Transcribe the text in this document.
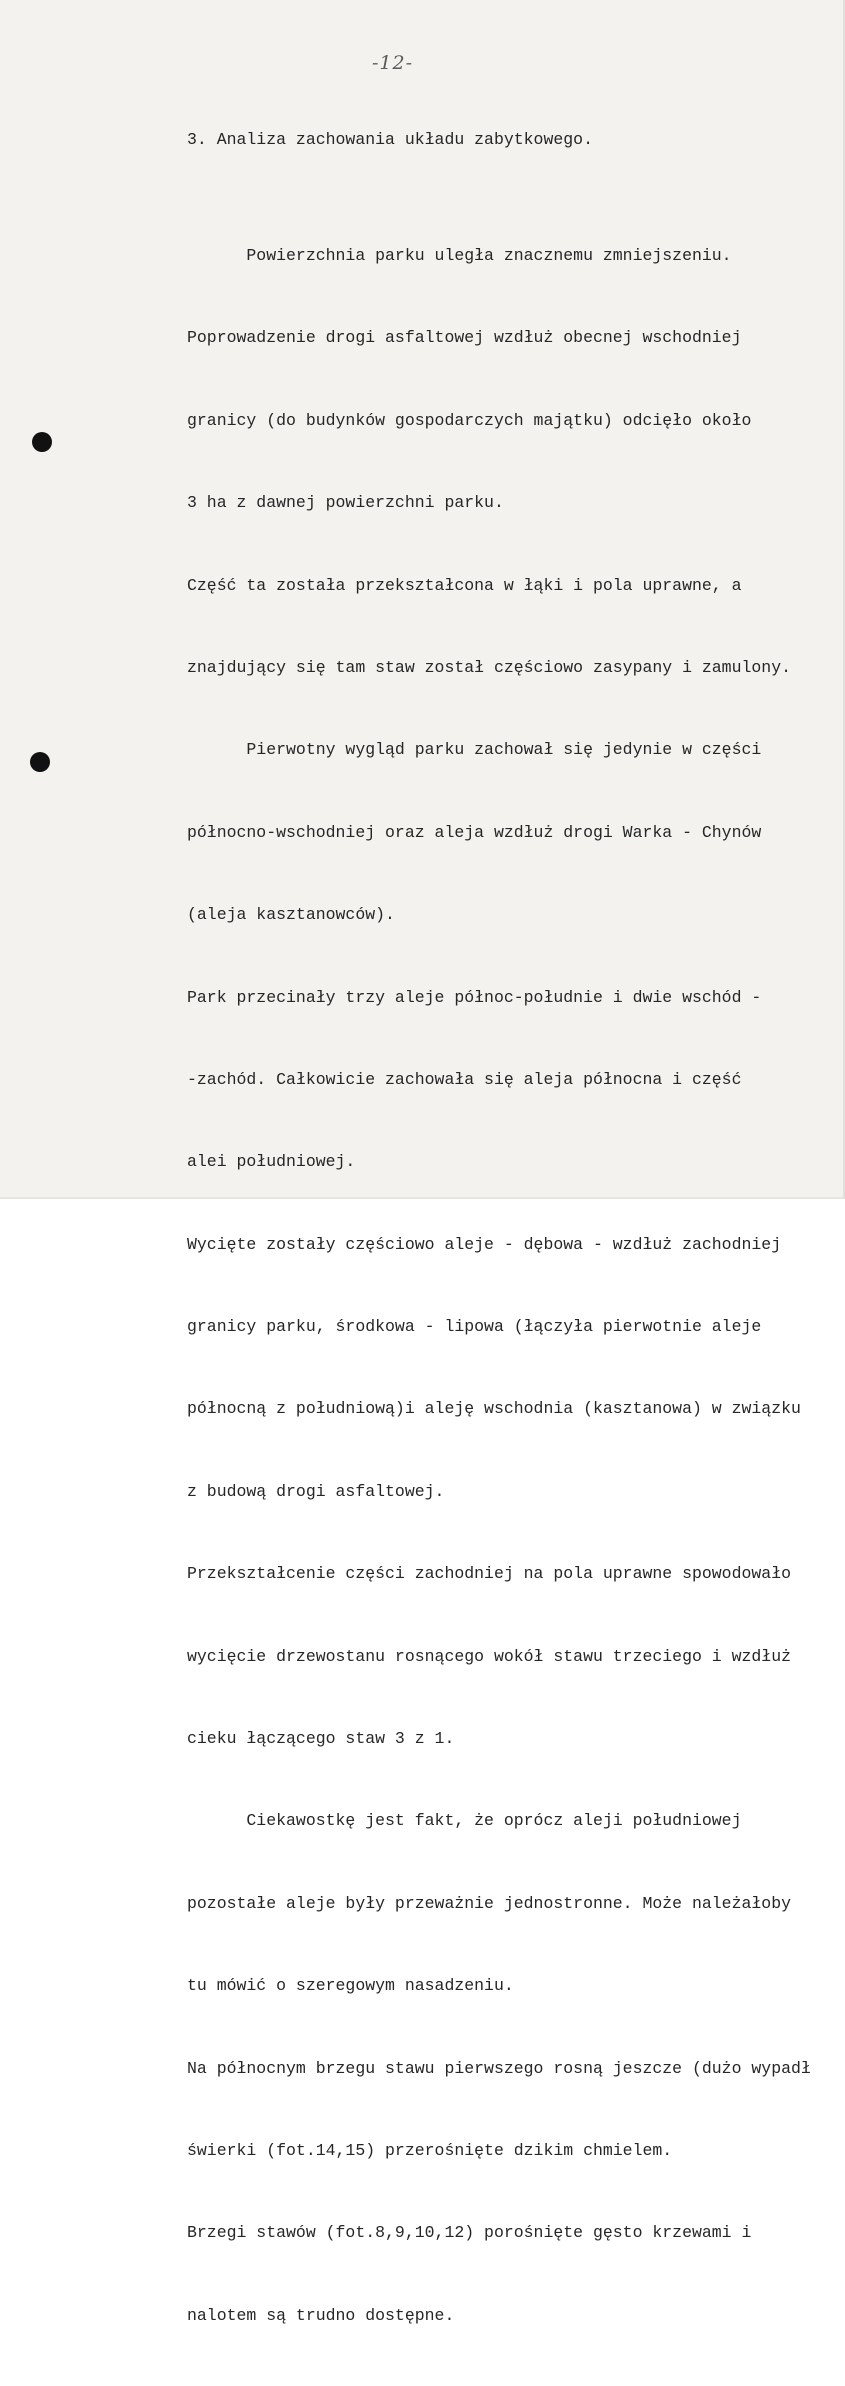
-12-
3. Analiza zachowania układu zabytkowego.

Powierzchnia parku uległa znacznemu zmniejszeniu.

Poprowadzenie drogi asfaltowej wzdłuż obecnej wschodniej

granicy (do budynków gospodarczych majątku) odcięło około

3 ha z dawnej powierzchni parku.

Część ta została przekształcona w łąki i pola uprawne, a

znajdujący się tam staw został częściowo zasypany i zamulony.

Pierwotny wygląd parku zachował się jedynie w części

północno-wschodniej oraz aleja wzdłuż drogi Warka - Chynów

(aleja kasztanowców).

Park przecinały trzy aleje północ-południe i dwie wschód -

-zachód. Całkowicie zachowała się aleja północna i część

alei południowej.

Wycięte zostały częściowo aleje - dębowa - wzdłuż zachodniej

granicy parku, środkowa - lipowa (łączyła pierwotnie aleje

północną z południową)i aleję wschodnia (kasztanowa) w związku

z budową drogi asfaltowej.

Przekształcenie części zachodniej na pola uprawne spowodowało

wycięcie drzewostanu rosnącego wokół stawu trzeciego i wzdłuż

cieku łączącego staw 3 z 1.

Ciekawostkę jest fakt, że oprócz aleji południowej

pozostałe aleje były przeważnie jednostronne. Może należałoby

tu mówić o szeregowym nasadzeniu.

Na północnym brzegu stawu pierwszego rosną jeszcze (dużo wypadł

świerki (fot.14,15) przerośnięte dzikim chmielem.

Brzegi stawów (fot.8,9,10,12) porośnięte gęsto krzewami i

nalotem są trudno dostępne.
